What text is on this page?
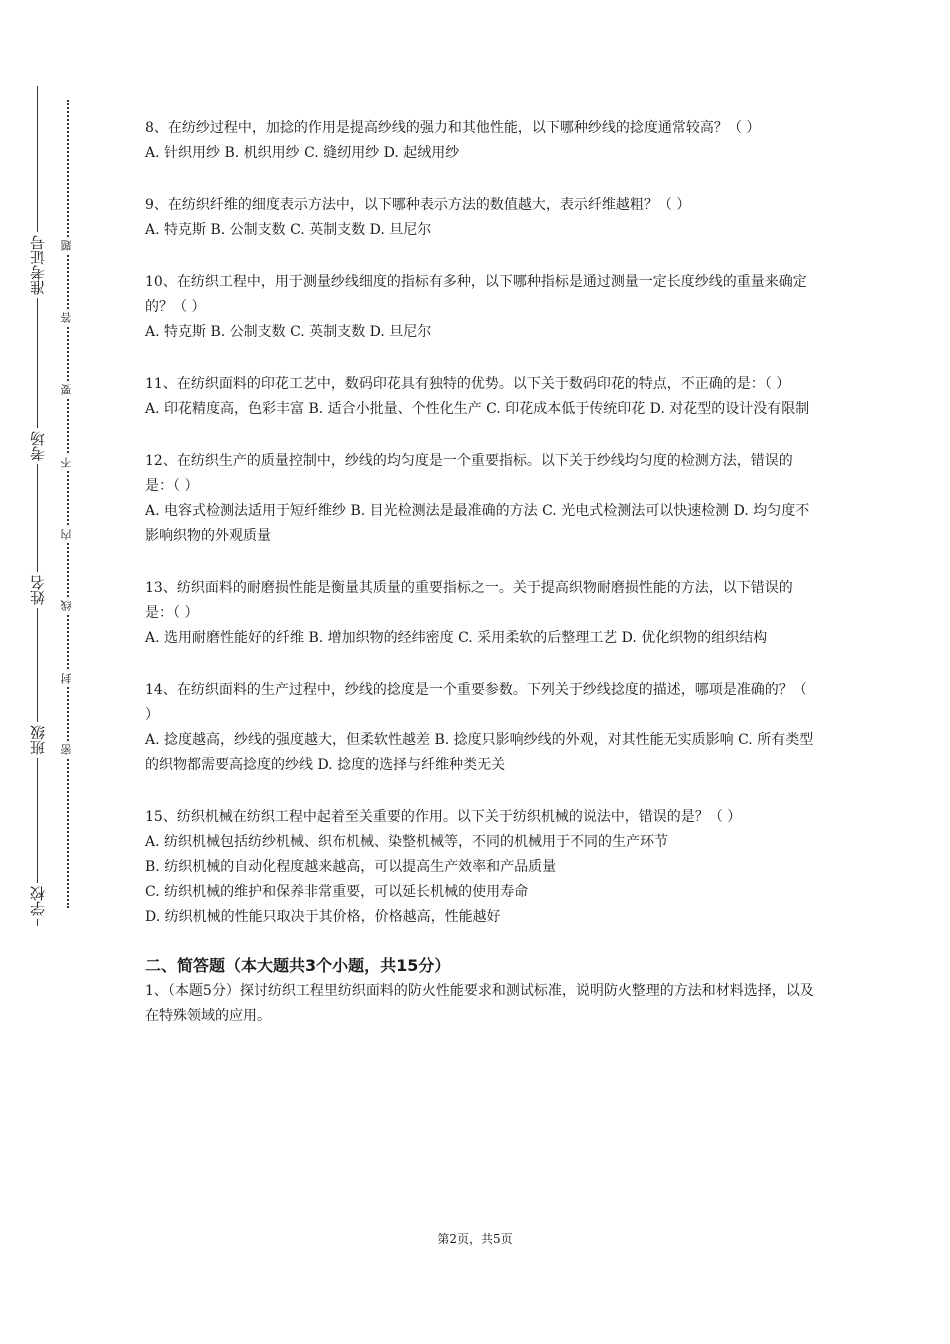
准考证号
考场
姓名
班级
学校
题
答
要
不
内
线
封
密

8、在纺纱过程中，加捻的作用是提高纱线的强力和其他性能，以下哪种纱线的捻度通常较高？（ ）

A. 针织用纱 B. 机织用纱 C. 缝纫用纱 D. 起绒用纱

9、在纺织纤维的细度表示方法中，以下哪种表示方法的数值越大，表示纤维越粗？（ ）

A. 特克斯 B. 公制支数 C. 英制支数 D. 旦尼尔

10、在纺织工程中，用于测量纱线细度的指标有多种，以下哪种指标是通过测量一定长度纱线的重量来确定的？（ ）

A. 特克斯 B. 公制支数 C. 英制支数 D. 旦尼尔

11、在纺织面料的印花工艺中，数码印花具有独特的优势。以下关于数码印花的特点，不正确的是：（ ）

A. 印花精度高，色彩丰富 B. 适合小批量、个性化生产 C. 印花成本低于传统印花 D. 对花型的设计没有限制

12、在纺织生产的质量控制中，纱线的均匀度是一个重要指标。以下关于纱线均匀度的检测方法，错误的是：（ ）

A. 电容式检测法适用于短纤维纱 B. 目光检测法是最准确的方法 C. 光电式检测法可以快速检测 D. 均匀度不影响织物的外观质量

13、纺织面料的耐磨损性能是衡量其质量的重要指标之一。关于提高织物耐磨损性能的方法，以下错误的是：（ ）

A. 选用耐磨性能好的纤维 B. 增加织物的经纬密度 C. 采用柔软的后整理工艺 D. 优化织物的组织结构

14、在纺织面料的生产过程中，纱线的捻度是一个重要参数。下列关于纱线捻度的描述，哪项是准确的？（ ）

A. 捻度越高，纱线的强度越大，但柔软性越差 B. 捻度只影响纱线的外观，对其性能无实质影响 C. 所有类型的织物都需要高捻度的纱线 D. 捻度的选择与纤维种类无关

15、纺织机械在纺织工程中起着至关重要的作用。以下关于纺织机械的说法中，错误的是？（ ）

A. 纺织机械包括纺纱机械、织布机械、染整机械等，不同的机械用于不同的生产环节

B. 纺织机械的自动化程度越来越高，可以提高生产效率和产品质量

C. 纺织机械的维护和保养非常重要，可以延长机械的使用寿命

D. 纺织机械的性能只取决于其价格，价格越高，性能越好

二、简答题（本大题共3个小题，共15分）

1、（本题5分）探讨纺织工程里纺织面料的防火性能要求和测试标准，说明防火整理的方法和材料选择，以及在特殊领域的应用。

第2页，共5页
